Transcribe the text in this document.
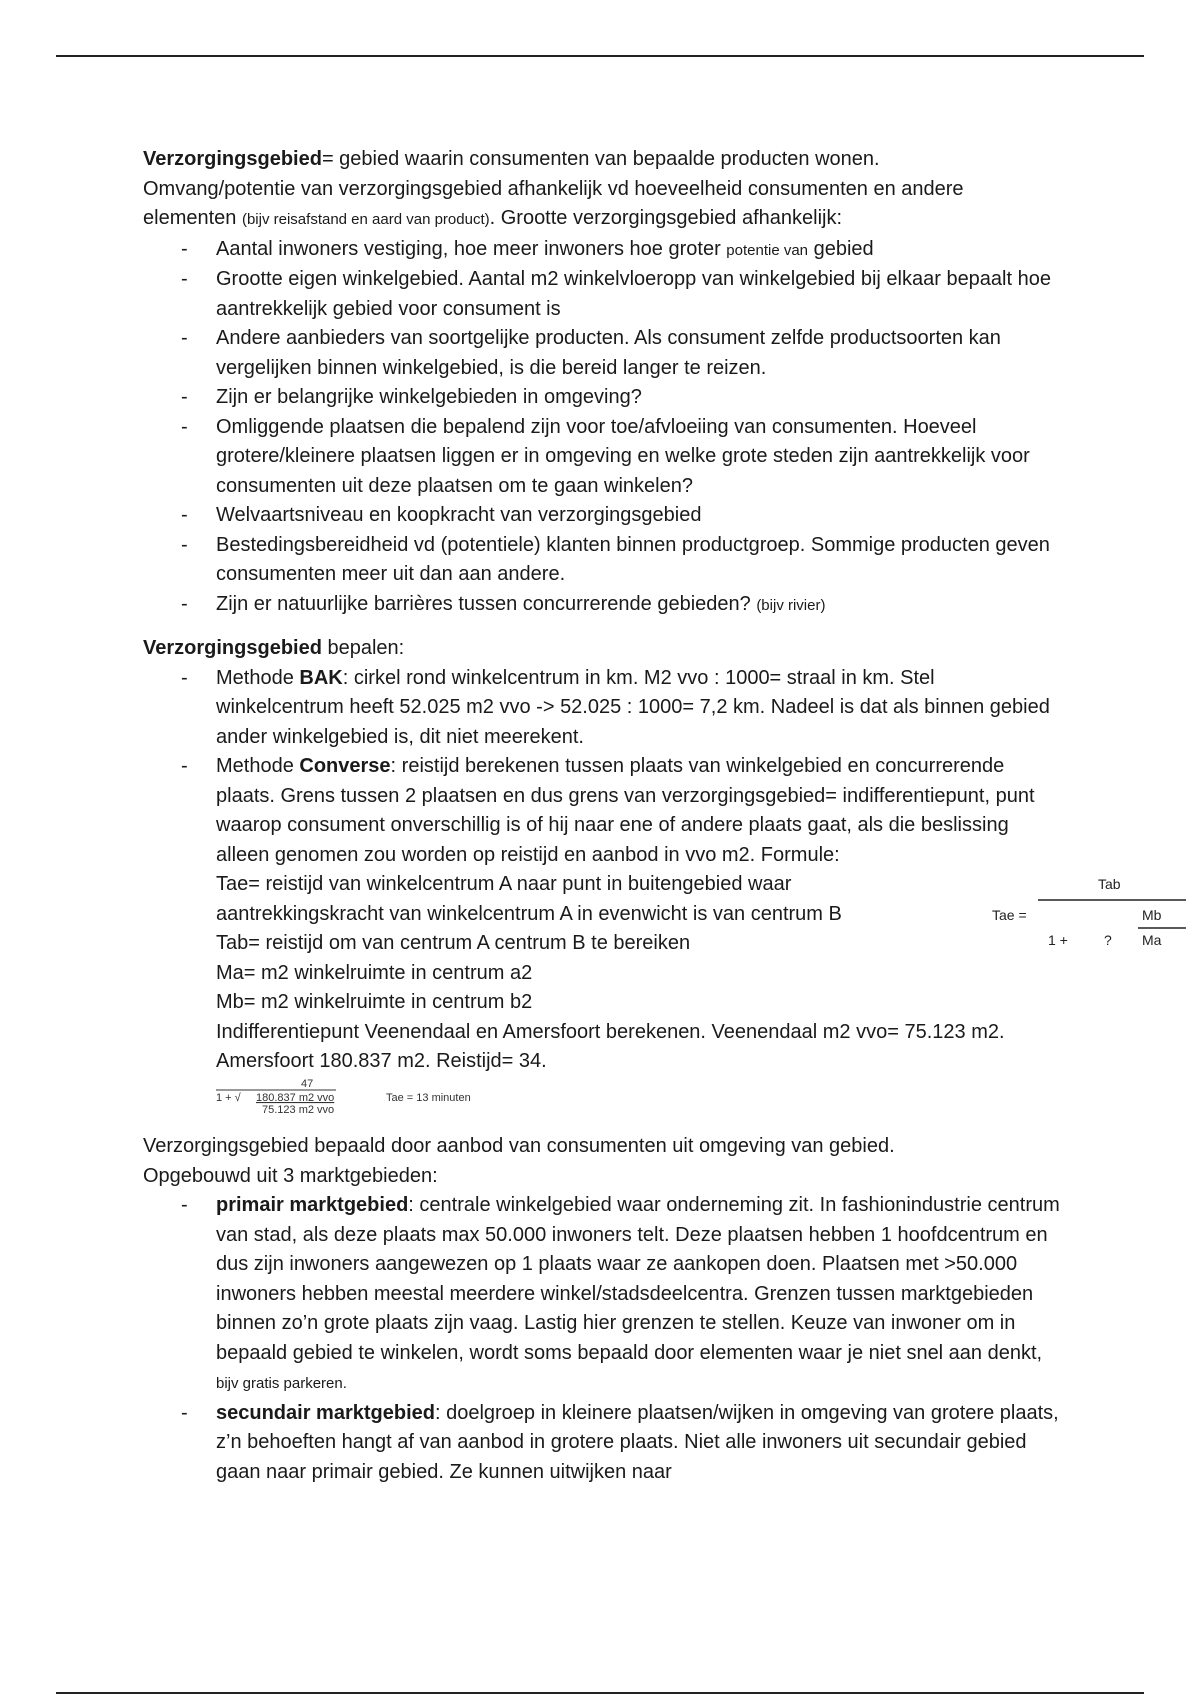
Verzorgingsgebied= gebied waarin consumenten van bepaalde producten wonen.
Omvang/potentie van verzorgingsgebied afhankelijk vd hoeveelheid consumenten en andere
elementen (bijv reisafstand en aard van product). Grootte verzorgingsgebied afhankelijk:

- Aantal inwoners vestiging, hoe meer inwoners hoe groter potentie van gebied
- Grootte eigen winkelgebied. Aantal m2 winkelvloeropp van winkelgebied bij elkaar bepaalt hoe aantrekkelijk gebied voor consument is
- Andere aanbieders van soortgelijke producten. Als consument zelfde productsoorten kan vergelijken binnen winkelgebied, is die bereid langer te reizen.
- Zijn er belangrijke winkelgebieden in omgeving?
- Omliggende plaatsen die bepalend zijn voor toe/afvloeiing van consumenten. Hoeveel grotere/kleinere plaatsen liggen er in omgeving en welke grote steden zijn aantrekkelijk voor consumenten uit deze plaatsen om te gaan winkelen?
- Welvaartsniveau en koopkracht van verzorgingsgebied
- Bestedingsbereidheid vd (potentiele) klanten binnen productgroep. Sommige producten geven consumenten meer uit dan aan andere.
- Zijn er natuurlijke barrières tussen concurrerende gebieden? (bijv rivier)

Verzorgingsgebied bepalen:

- Methode BAK: cirkel rond winkelcentrum in km. M2 vvo : 1000= straal in km. Stel winkelcentrum heeft 52.025 m2 vvo -> 52.025 : 1000= 7,2 km. Nadeel is dat als binnen gebied ander winkelgebied is, dit niet meerekent.
- Methode Converse: reistijd berekenen tussen plaats van winkelgebied en concurrerende plaats. Grens tussen 2 plaatsen en dus grens van verzorgingsgebied= indifferentiepunt, punt waarop consument onverschillig is of hij naar ene of andere plaats gaat, als die beslissing alleen genomen zou worden op reistijd en aanbod in vvo m2. Formule:
Tae= reistijd van winkelcentrum A naar punt in buitengebied waar
aantrekkingskracht van winkelcentrum A in evenwicht is van centrum B
Tab= reistijd om van centrum A centrum B te bereiken
Ma= m2 winkelruimte in centrum a2
Mb= m2 winkelruimte in centrum b2
Indifferentiepunt Veenendaal en Amersfoort berekenen. Veenendaal m2 vvo= 75.123 m2. Amersfoort 180.837 m2. Reistijd= 34.
47
1 + √ 180.837 m2 vvo
75.123 m2 vvo
Tae = 13 minuten

Verzorgingsgebied bepaald door aanbod van consumenten uit omgeving van gebied.
Opgebouwd uit 3 marktgebieden:

- primair marktgebied: centrale winkelgebied waar onderneming zit. In fashionindustrie centrum van stad, als deze plaats max 50.000 inwoners telt. Deze plaatsen hebben 1 hoofdcentrum en dus zijn inwoners aangewezen op 1 plaats waar ze aankopen doen. Plaatsen met >50.000 inwoners hebben meestal meerdere winkel/stadsdeelcentra. Grenzen tussen marktgebieden binnen zo’n grote plaats zijn vaag. Lastig hier grenzen te stellen. Keuze van inwoner om in bepaald gebied te winkelen, wordt soms bepaald door elementen waar je niet snel aan denkt, bijv gratis parkeren.
- secundair marktgebied: doelgroep in kleinere plaatsen/wijken in omgeving van grotere plaats, z’n behoeften hangt af van aanbod in grotere plaats. Niet alle inwoners uit secundair gebied gaan naar primair gebied. Ze kunnen uitwijken naar
Tab
Tae =
1 +	?
Mb
Ma
